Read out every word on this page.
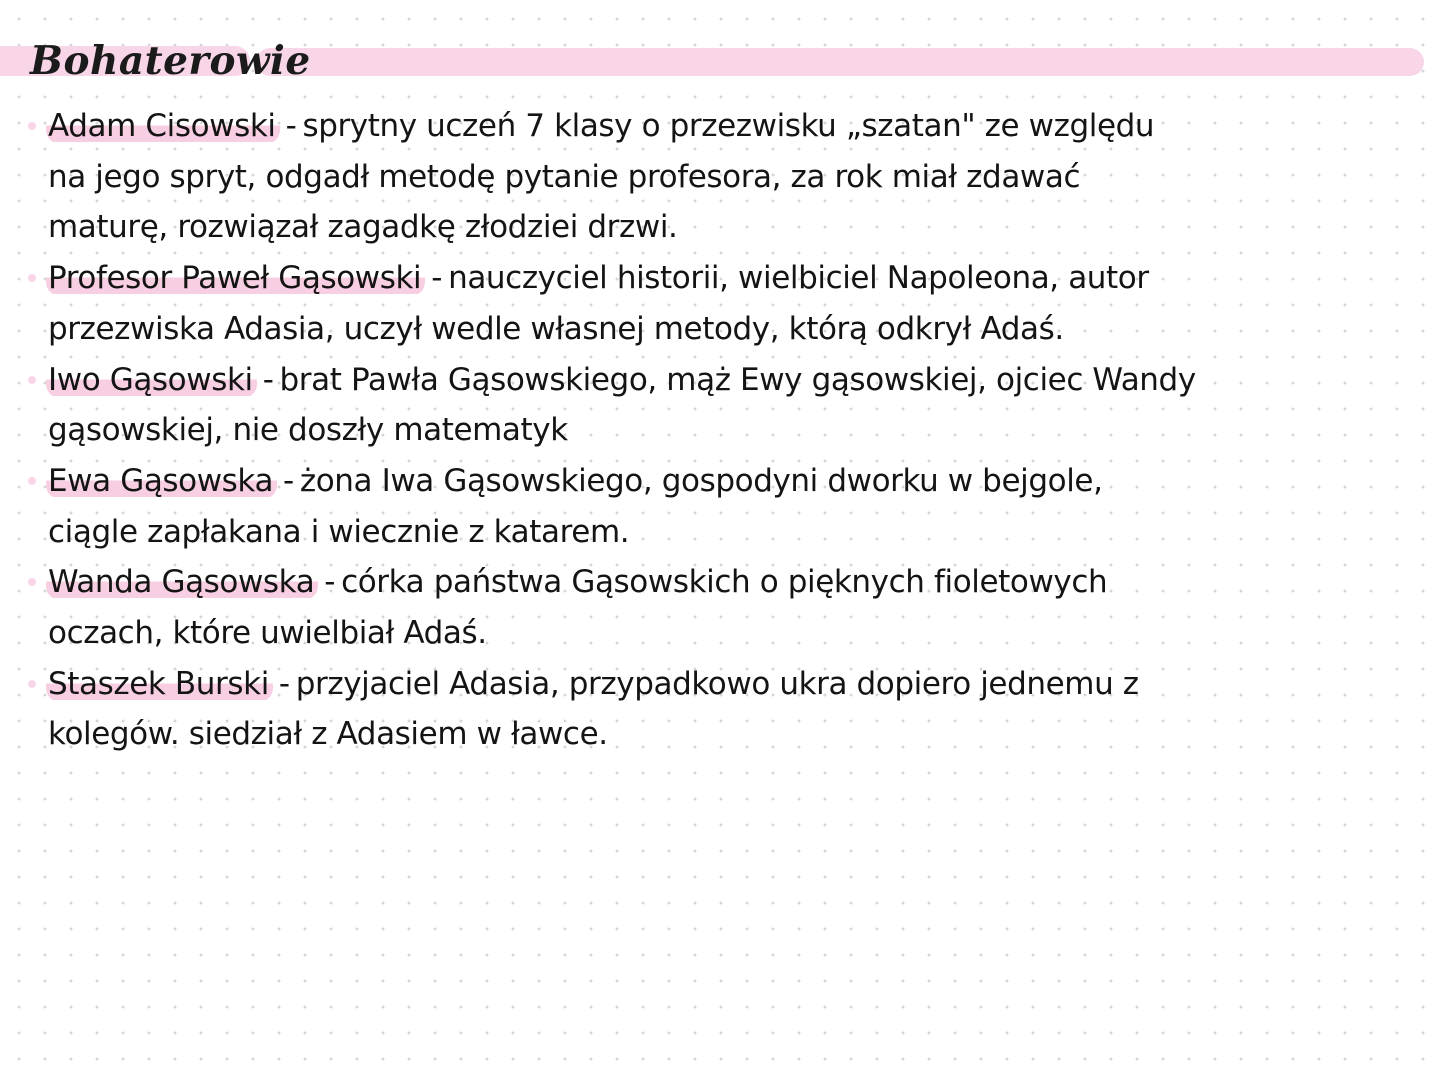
Bohaterowie
Adam Cisowski - sprytny uczeń 7 klasy o przezwisku „szatan" ze względu na jego spryt, odgadł metodę pytanie profesora, za rok miał zdawać maturę, rozwiązał zagadkę złodziei drzwi.
Profesor Paweł Gąsowski - nauczyciel historii, wielbiciel Napoleona, autor przezwiska Adasia, uczył wedle własnej metody, którą odkrył Adaś.
Iwo Gąsowski - brat Pawła Gąsowskiego, mąż Ewy gąsowskiej, ojciec Wandy gąsowskiej, nie doszły matematyk
Ewa Gąsowska - żona Iwa Gąsowskiego, gospodyni dworku w bejgole, ciągle zapłakana i wiecznie z katarem.
Wanda Gąsowska - córka państwa Gąsowskich o pięknych fioletowych oczach, które uwielbiał Adaś.
Staszek Burski - przyjaciel Adasia, przypadkowo ukra dopiero jednemu z kolegów. siedział z Adasiem w ławce.
